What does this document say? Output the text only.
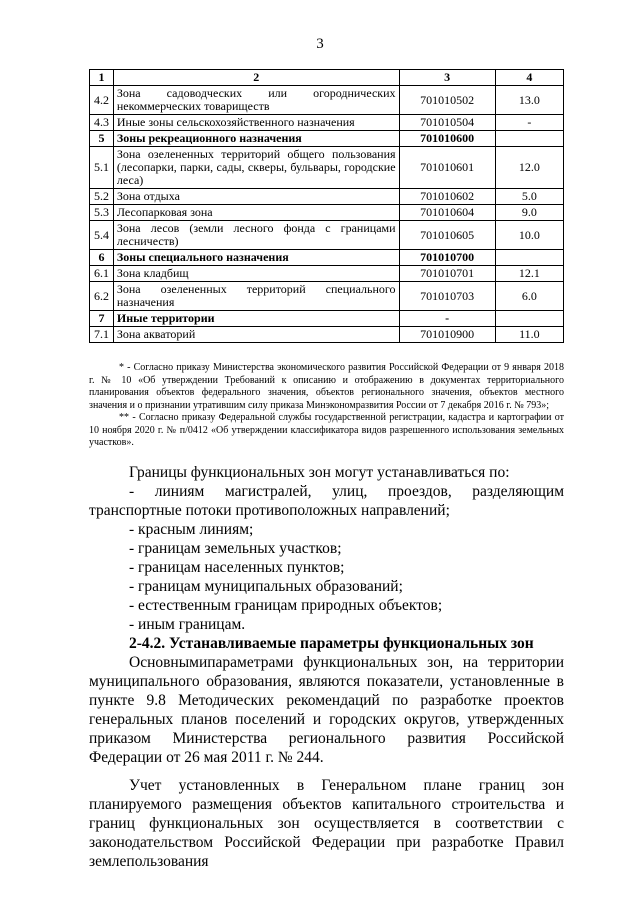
3
1	2	3	4
4.2	Зона садоводческих или огороднических некоммерческих товариществ	701010502	13.0
4.3	Иные зоны сельскохозяйственного назначения	701010504	-
5	Зоны рекреационного назначения	701010600	
5.1	Зона озелененных территорий общего пользования (лесопарки, парки, сады, скверы, бульвары, городские леса)	701010601	12.0
5.2	Зона отдыха	701010602	5.0
5.3	Лесопарковая зона	701010604	9.0
5.4	Зона лесов (земли лесного фонда с границами лесничеств)	701010605	10.0
6	Зоны специального назначения	701010700	
6.1	Зона кладбищ	701010701	12.1
6.2	Зона озелененных территорий специального назначения	701010703	6.0
7	Иные территории	-	
7.1	Зона акваторий	701010900	11.0

* - Согласно приказу Министерства экономического развития Российской Федерации от 9 января 2018 г. № 10 «Об утверждении Требований к описанию и отображению в документах территориального планирования объектов федерального значения, объектов регионального значения, объектов местного значения и о признании утратившим силу приказа Минэкономразвития России от 7 декабря 2016 г. № 793»;

** - Согласно приказу Федеральной службы государственной регистрации, кадастра и картографии от 10 ноября 2020 г. № п/0412 «Об утверждении классификатора видов разрешенного использования земельных участков».

Границы функциональных зон могут устанавливаться по:

- линиям магистралей, улиц, проездов, разделяющим транспортные потоки противоположных направлений;

- красным линиям;

- границам земельных участков;

- границам населенных пунктов;

- границам муниципальных образований;

- естественным границам природных объектов;

- иным границам.

2-4.2. Устанавливаемые параметры функциональных зон

Основнымипараметрами функциональных зон, на территории муниципального образования, являются показатели, установленные в пункте 9.8 Методических рекомендаций по разработке проектов генеральных планов поселений и городских округов, утвержденных приказом Министерства регионального развития Российской Федерации от 26 мая 2011 г. № 244.

Учет установленных в Генеральном плане границ зон планируемого размещения объектов капитального строительства и границ функциональных зон осуществляется в соответствии с законодательством Российской Федерации при разработке Правил землепользования
